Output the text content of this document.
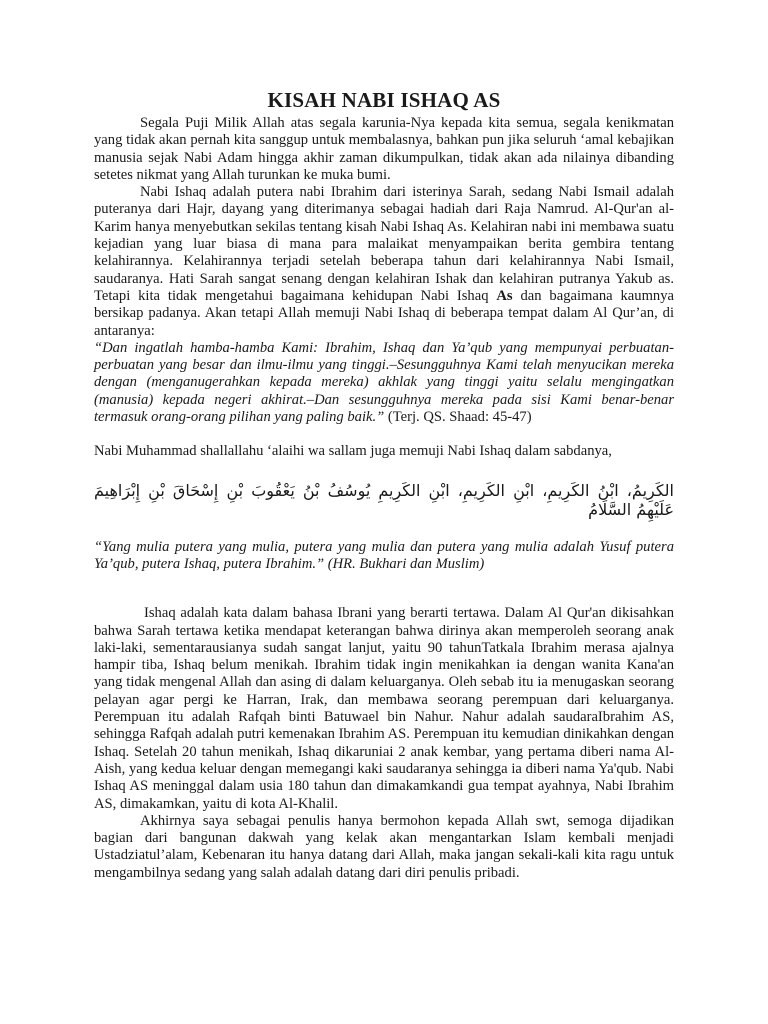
KISAH NABI ISHAQ AS

Segala Puji Milik Allah atas segala karunia-Nya kepada kita semua, segala kenikmatan yang tidak akan pernah kita sanggup untuk membalasnya, bahkan pun jika seluruh ‘amal kebajikan manusia sejak Nabi Adam hingga akhir zaman dikumpulkan, tidak akan ada nilainya dibanding setetes nikmat yang Allah turunkan ke muka bumi.

Nabi Ishaq adalah putera nabi Ibrahim dari isterinya Sarah, sedang Nabi Ismail adalah puteranya dari Hajr, dayang yang diterimanya sebagai hadiah dari Raja Namrud. Al-Qur'an al-Karim hanya menyebutkan sekilas tentang kisah Nabi Ishaq As. Kelahiran nabi ini membawa suatu kejadian yang luar biasa di mana para malaikat menyampaikan berita gembira tentang kelahirannya. Kelahirannya terjadi setelah beberapa tahun dari kelahirannya Nabi Ismail, saudaranya. Hati Sarah sangat senang dengan kelahiran Ishak dan kelahiran putranya Yakub as. Tetapi kita tidak mengetahui bagaimana kehidupan Nabi Ishaq As dan bagaimana kaumnya bersikap padanya. Akan tetapi Allah memuji Nabi Ishaq di beberapa tempat dalam Al Qur’an, di antaranya:

“Dan ingatlah hamba-hamba Kami: Ibrahim, Ishaq dan Ya’qub yang mempunyai perbuatan-perbuatan yang besar dan ilmu-ilmu yang tinggi.–Sesungguhnya Kami telah menyucikan mereka dengan (menganugerahkan kepada mereka) akhlak yang tinggi yaitu selalu mengingatkan (manusia) kepada negeri akhirat.–Dan sesungguhnya mereka pada sisi Kami benar-benar termasuk orang-orang pilihan yang paling baik.” (Terj. QS. Shaad: 45-47)

Nabi Muhammad shallallahu ‘alaihi wa sallam juga memuji Nabi Ishaq dalam sabdanya,

الكَرِيمُ، ابْنُ الكَرِيمِ، ابْنِ الكَرِيمِ، ابْنِ الكَرِيمِ يُوسُفُ بْنُ يَعْقُوبَ بْنِ إِسْحَاقَ بْنِ إِبْرَاهِيمَ عَلَيْهِمُ السَّلَامُ

“Yang mulia putera yang mulia, putera yang mulia dan putera yang mulia adalah Yusuf putera Ya’qub, putera Ishaq, putera Ibrahim.” (HR. Bukhari dan Muslim)

Ishaq adalah kata dalam bahasa Ibrani yang berarti tertawa. Dalam Al Qur'an dikisahkan bahwa Sarah tertawa ketika mendapat keterangan bahwa dirinya akan memperoleh seorang anak laki-laki, sementarausianya sudah sangat lanjut, yaitu 90 tahunTatkala Ibrahim merasa ajalnya hampir tiba, Ishaq belum menikah. Ibrahim tidak ingin menikahkan ia dengan wanita Kana'an yang tidak mengenal Allah dan asing di dalam keluarganya. Oleh sebab itu ia menugaskan seorang pelayan agar pergi ke Harran, Irak, dan membawa seorang perempuan dari keluarganya. Perempuan itu adalah Rafqah binti Batuwael bin Nahur. Nahur adalah saudaraIbrahim AS, sehingga Rafqah adalah putri kemenakan Ibrahim AS. Perempuan itu kemudian dinikahkan dengan Ishaq. Setelah 20 tahun menikah, Ishaq dikaruniai 2 anak kembar, yang pertama diberi nama Al-Aish, yang kedua keluar dengan memegangi kaki saudaranya sehingga ia diberi nama Ya'qub. Nabi Ishaq AS meninggal dalam usia 180 tahun dan dimakamkandi gua tempat ayahnya, Nabi Ibrahim AS, dimakamkan, yaitu di kota Al-Khalil.

Akhirnya saya sebagai penulis hanya bermohon kepada Allah swt, semoga dijadikan bagian dari bangunan dakwah yang kelak akan mengantarkan Islam kembali menjadi Ustadziatul’alam, Kebenaran itu hanya datang dari Allah, maka jangan sekali-kali kita ragu untuk mengambilnya sedang yang salah adalah datang dari diri penulis pribadi.
